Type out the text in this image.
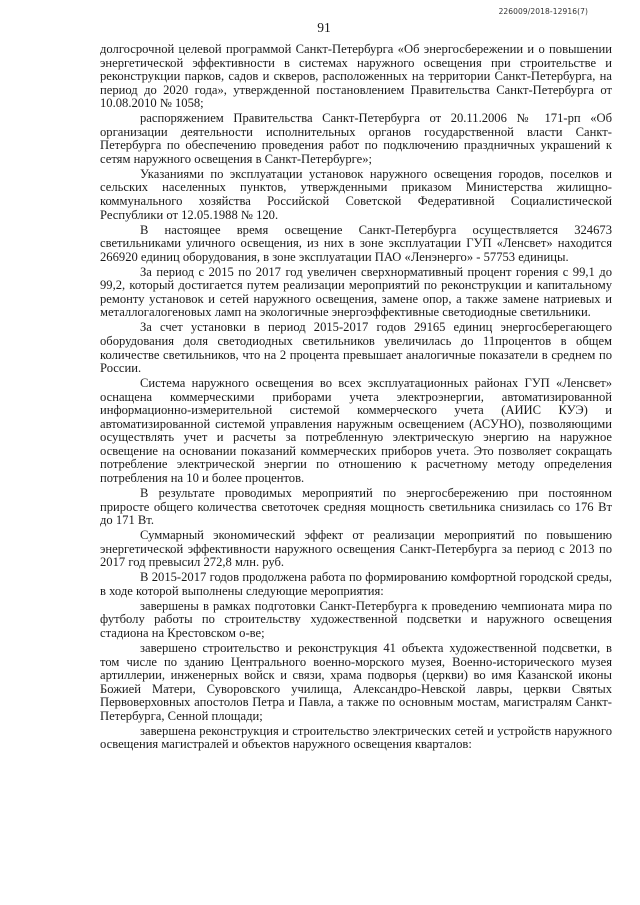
226009/2018-12916(7)
91

долгосрочной целевой программой Санкт-Петербурга «Об энергосбережении и о повышении энергетической эффективности в системах наружного освещения при строительстве и реконструкции парков, садов и скверов, расположенных на территории Санкт-Петербурга, на период до 2020 года», утвержденной постановлением Правительства Санкт-Петербурга от 10.08.2010 № 1058;

распоряжением Правительства Санкт-Петербурга от 20.11.2006 № 171-рп «Об организации деятельности исполнительных органов государственной власти Санкт-Петербурга по обеспечению проведения работ по подключению праздничных украшений к сетям наружного освещения в Санкт-Петербурге»;

Указаниями по эксплуатации установок наружного освещения городов, поселков и сельских населенных пунктов, утвержденными приказом Министерства жилищно-коммунального хозяйства Российской Советской Федеративной Социалистической Республики от 12.05.1988 № 120.

В настоящее время освещение Санкт-Петербурга осуществляется 324673 светильниками уличного освещения, из них в зоне эксплуатации ГУП «Ленсвет» находится 266920 единиц оборудования, в зоне эксплуатации ПАО «Ленэнерго» - 57753 единицы.

За период с 2015 по 2017 год увеличен сверхнормативный процент горения с 99,1 до 99,2, который достигается путем реализации мероприятий по реконструкции и капитальному ремонту установок и сетей наружного освещения, замене опор, а также замене натриевых и металлогалогеновых ламп на экологичные энергоэффективные светодиодные светильники.

За счет установки в период 2015-2017 годов 29165 единиц энергосберегающего оборудования доля светодиодных светильников увеличилась до 11процентов в общем количестве светильников, что на 2 процента превышает аналогичные показатели в среднем по России.

Система наружного освещения во всех эксплуатационных районах ГУП «Ленсвет» оснащена коммерческими приборами учета электроэнергии, автоматизированной информационно-измерительной системой коммерческого учета (АИИС КУЭ) и автоматизированной системой управления наружным освещением (АСУНО), позволяющими осуществлять учет и расчеты за потребленную электрическую энергию на наружное освещение на основании показаний коммерческих приборов учета. Это позволяет сокращать потребление электрической энергии по отношению к расчетному методу определения потребления на 10 и более процентов.

В результате проводимых мероприятий по энергосбережению при постоянном приросте общего количества светоточек средняя мощность светильника снизилась со 176 Вт до 171 Вт.

Суммарный экономический эффект от реализации мероприятий по повышению энергетической эффективности наружного освещения Санкт-Петербурга за период с 2013 по 2017 год превысил 272,8 млн. руб.

В 2015-2017 годов продолжена работа по формированию комфортной городской среды, в ходе которой выполнены следующие мероприятия:

завершены в рамках подготовки Санкт-Петербурга к проведению чемпионата мира по футболу работы по строительству художественной подсветки и наружного освещения стадиона на Крестовском о-ве;

завершено строительство и реконструкция 41 объекта художественной подсветки, в том числе по зданию Центрального военно-морского музея, Военно-исторического музея артиллерии, инженерных войск и связи, храма подворья (церкви) во имя Казанской иконы Божией Матери, Суворовского училища, Александро-Невской лавры, церкви Святых Первоверховных апостолов Петра и Павла, а также по основным мостам, магистралям Санкт-Петербурга, Сенной площади;

завершена реконструкция и строительство электрических сетей и устройств наружного освещения магистралей и объектов наружного освещения кварталов:
